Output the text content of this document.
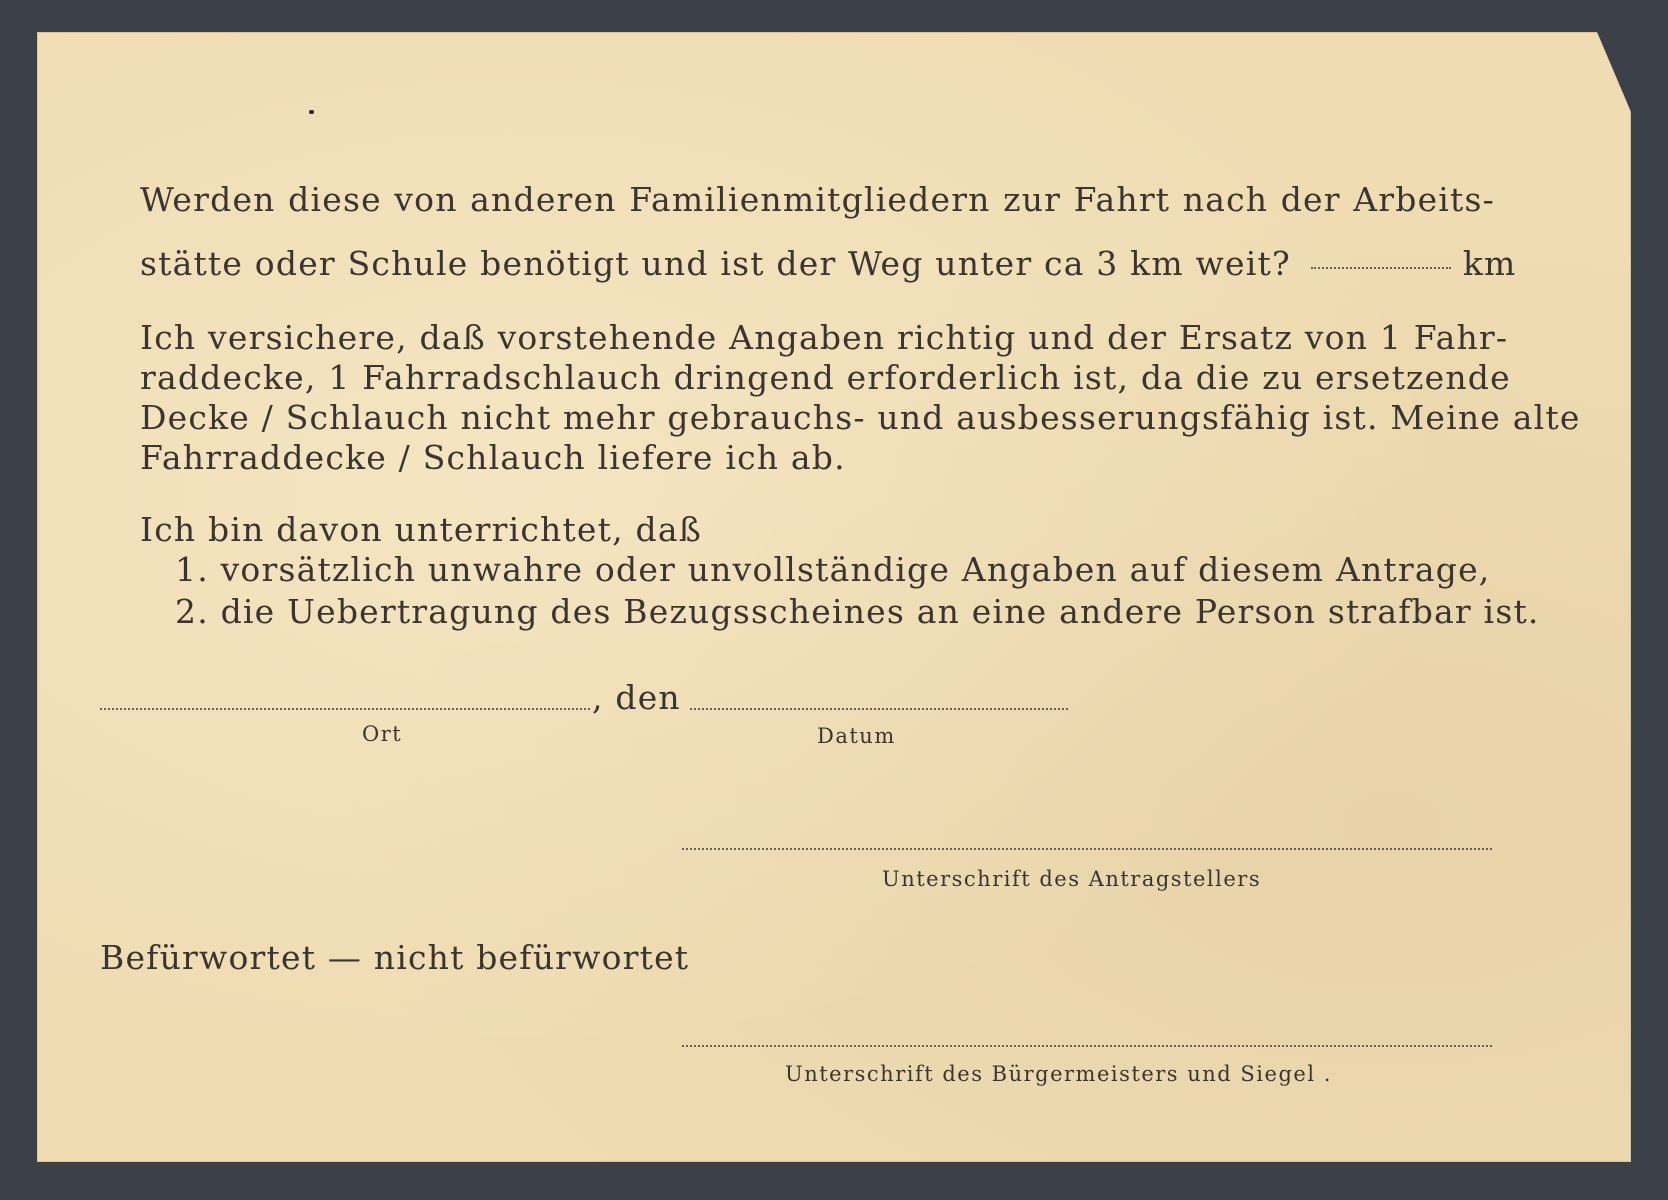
Werden diese von anderen Familienmitgliedern zur Fahrt nach der Arbeits-
stätte oder Schule benötigt und ist der Weg unter ca 3 km weit?	km
Ich versichere, daß vorstehende Angaben richtig und der Ersatz von 1 Fahr-
raddecke, 1 Fahrradschlauch dringend erforderlich ist, da die zu ersetzende
Decke / Schlauch nicht mehr gebrauchs- und ausbesserungsfähig ist. Meine alte
Fahrraddecke / Schlauch liefere ich ab.
Ich bin davon unterrichtet, daß
1. vorsätzlich unwahre oder unvollständige Angaben auf diesem Antrage,
2. die Uebertragung des Bezugsscheines an eine andere Person strafbar ist.
, den
Ort	Datum
Unterschrift des Antragstellers
Befürwortet — nicht befürwortet
Unterschrift des Bürgermeisters und Siegel .
